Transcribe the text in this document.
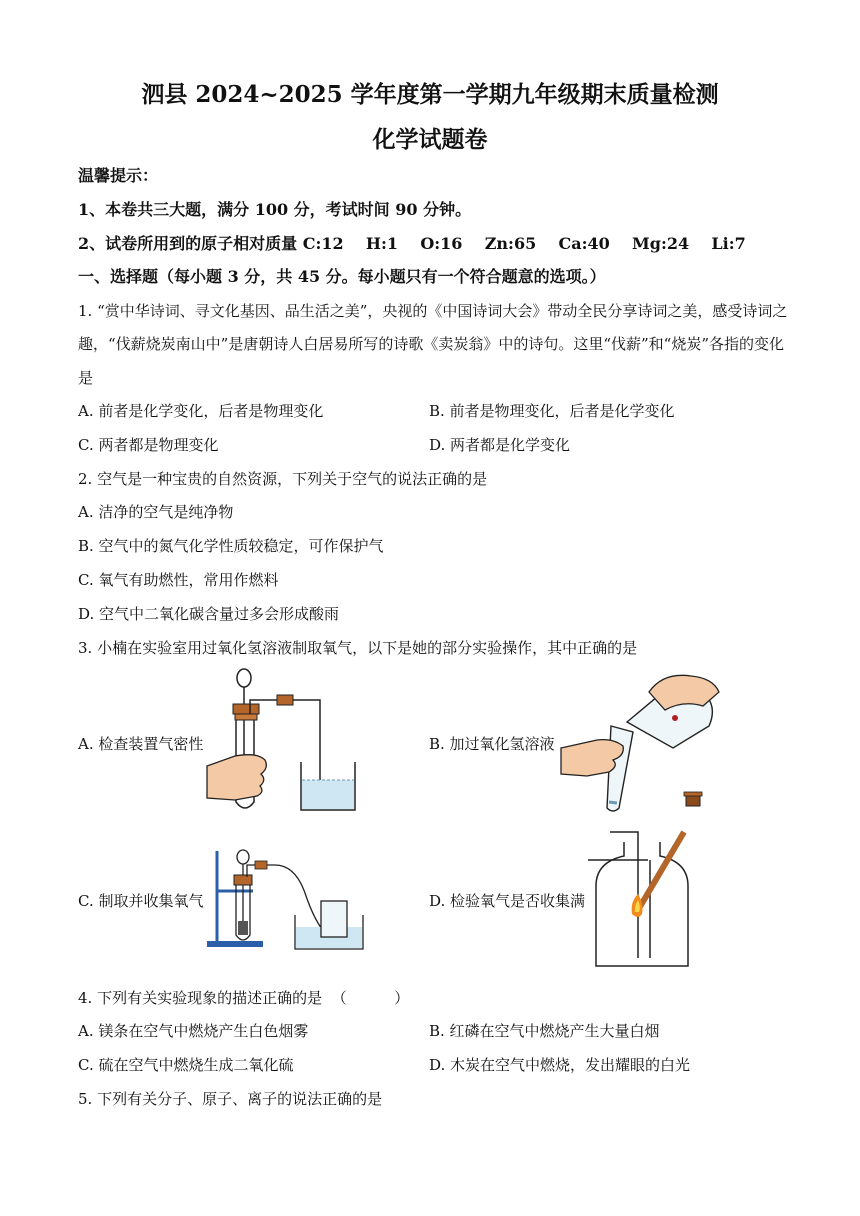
泗县 2024~2025 学年度第一学期九年级期末质量检测
化学试题卷
温馨提示：
1、本卷共三大题，满分 100 分，考试时间 90 分钟。
2、试卷所用到的原子相对质量 C:12    H:1    O:16    Zn:65    Ca:40    Mg:24    Li:7
一、选择题（每小题 3 分，共 45 分。每小题只有一个符合题意的选项。）
1. “赏中华诗词、寻文化基因、品生活之美”，央视的《中国诗词大会》带动全民分享诗词之美，感受诗词之
趣，“伐薪烧炭南山中”是唐朝诗人白居易所写的诗歌《卖炭翁》中的诗句。这里“伐薪”和“烧炭”各指的变化
是
A. 前者是化学变化，后者是物理变化	B. 前者是物理变化，后者是化学变化
C. 两者都是物理变化	D. 两者都是化学变化
2. 空气是一种宝贵的自然资源，下列关于空气的说法正确的是
A. 洁净的空气是纯净物
B. 空气中的氮气化学性质较稳定，可作保护气
C. 氧气有助燃性，常用作燃料
D. 空气中二氧化碳含量过多会形成酸雨
3. 小楠在实验室用过氧化氢溶液制取氧气，以下是她的部分实验操作，其中正确的是
A. 检查装置气密性	B. 加过氧化氢溶液
C. 制取并收集氧气	D. 检验氧气是否收集满
4. 下列有关实验现象的描述正确的是  （          ）
A. 镁条在空气中燃烧产生白色烟雾	B. 红磷在空气中燃烧产生大量白烟
C. 硫在空气中燃烧生成二氧化硫	D. 木炭在空气中燃烧，发出耀眼的白光
5. 下列有关分子、原子、离子的说法正确的是
